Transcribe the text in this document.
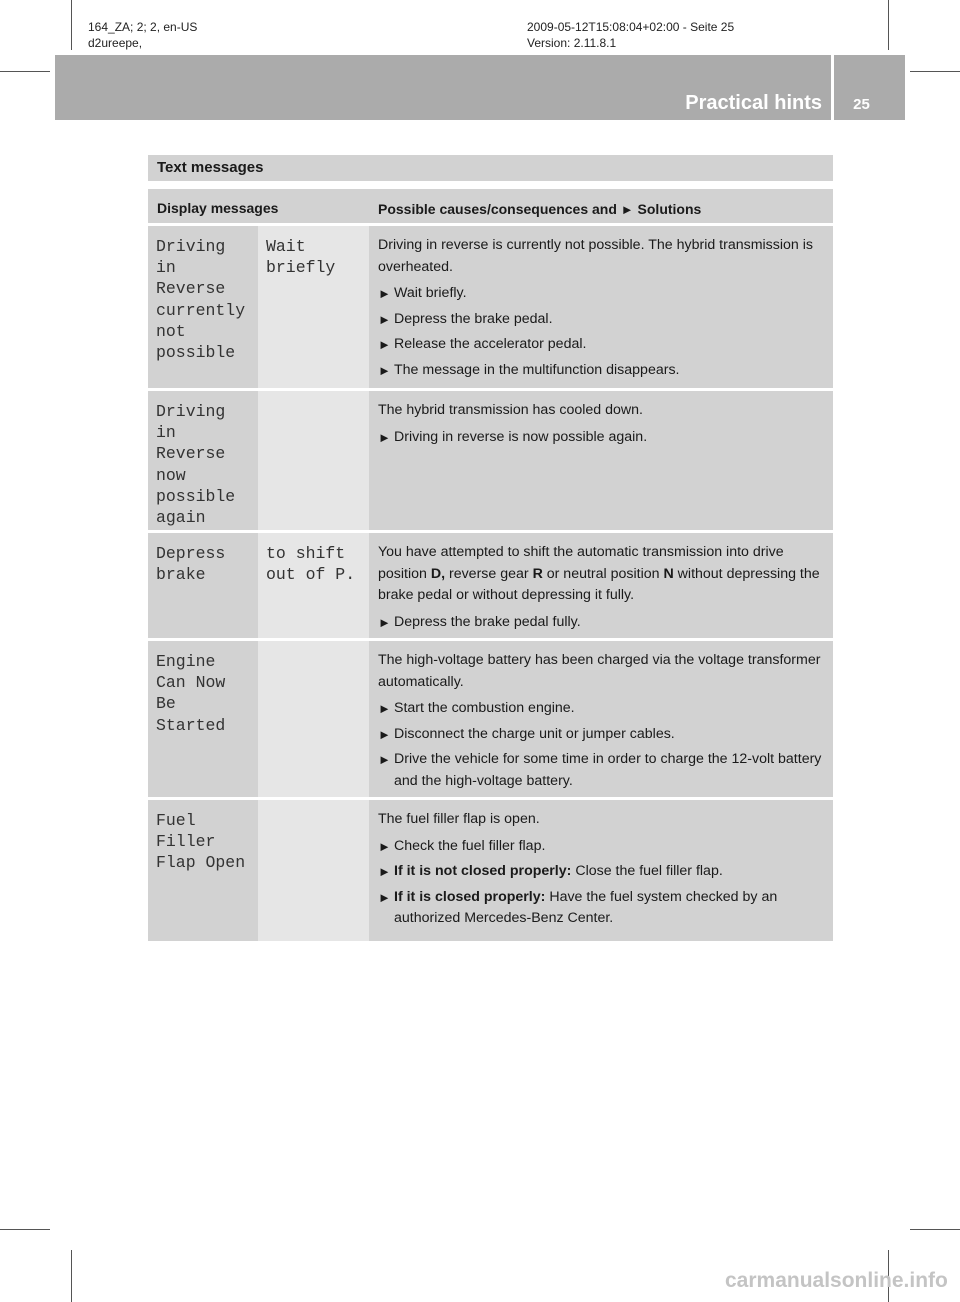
164_ZA; 2; 2, en-US
d2ureepe,
2009-05-12T15:08:04+02:00 - Seite 25
Version: 2.11.8.1
Practical hints	25
Text messages
Display messages	Possible causes/consequences and ► Solutions
Driving
in
Reverse
currently
not
possible
Wait
briefly

Driving in reverse is currently not possible. The hybrid transmission is overheated.

► Wait briefly.
► Depress the brake pedal.
► Release the accelerator pedal.
► The message in the multifunction disappears.
Driving
in
Reverse
now
possible
again

The hybrid transmission has cooled down.

► Driving in reverse is now possible again.
Depress
brake
to shift
out of P.

You have attempted to shift the automatic transmission into drive position D, reverse gear R or neutral position N without depressing the brake pedal or without depressing it fully.

► Depress the brake pedal fully.
Engine
Can Now
Be Started

The high-voltage battery has been charged via the voltage transformer automatically.

► Start the combustion engine.
► Disconnect the charge unit or jumper cables.
► Drive the vehicle for some time in order to charge the 12-volt battery and the high-voltage battery.
Fuel
Filler
Flap Open

The fuel filler flap is open.

► Check the fuel filler flap.
► If it is not closed properly: Close the fuel filler flap.
► If it is closed properly: Have the fuel system checked by an authorized Mercedes-Benz Center.
carmanualsonline.info
